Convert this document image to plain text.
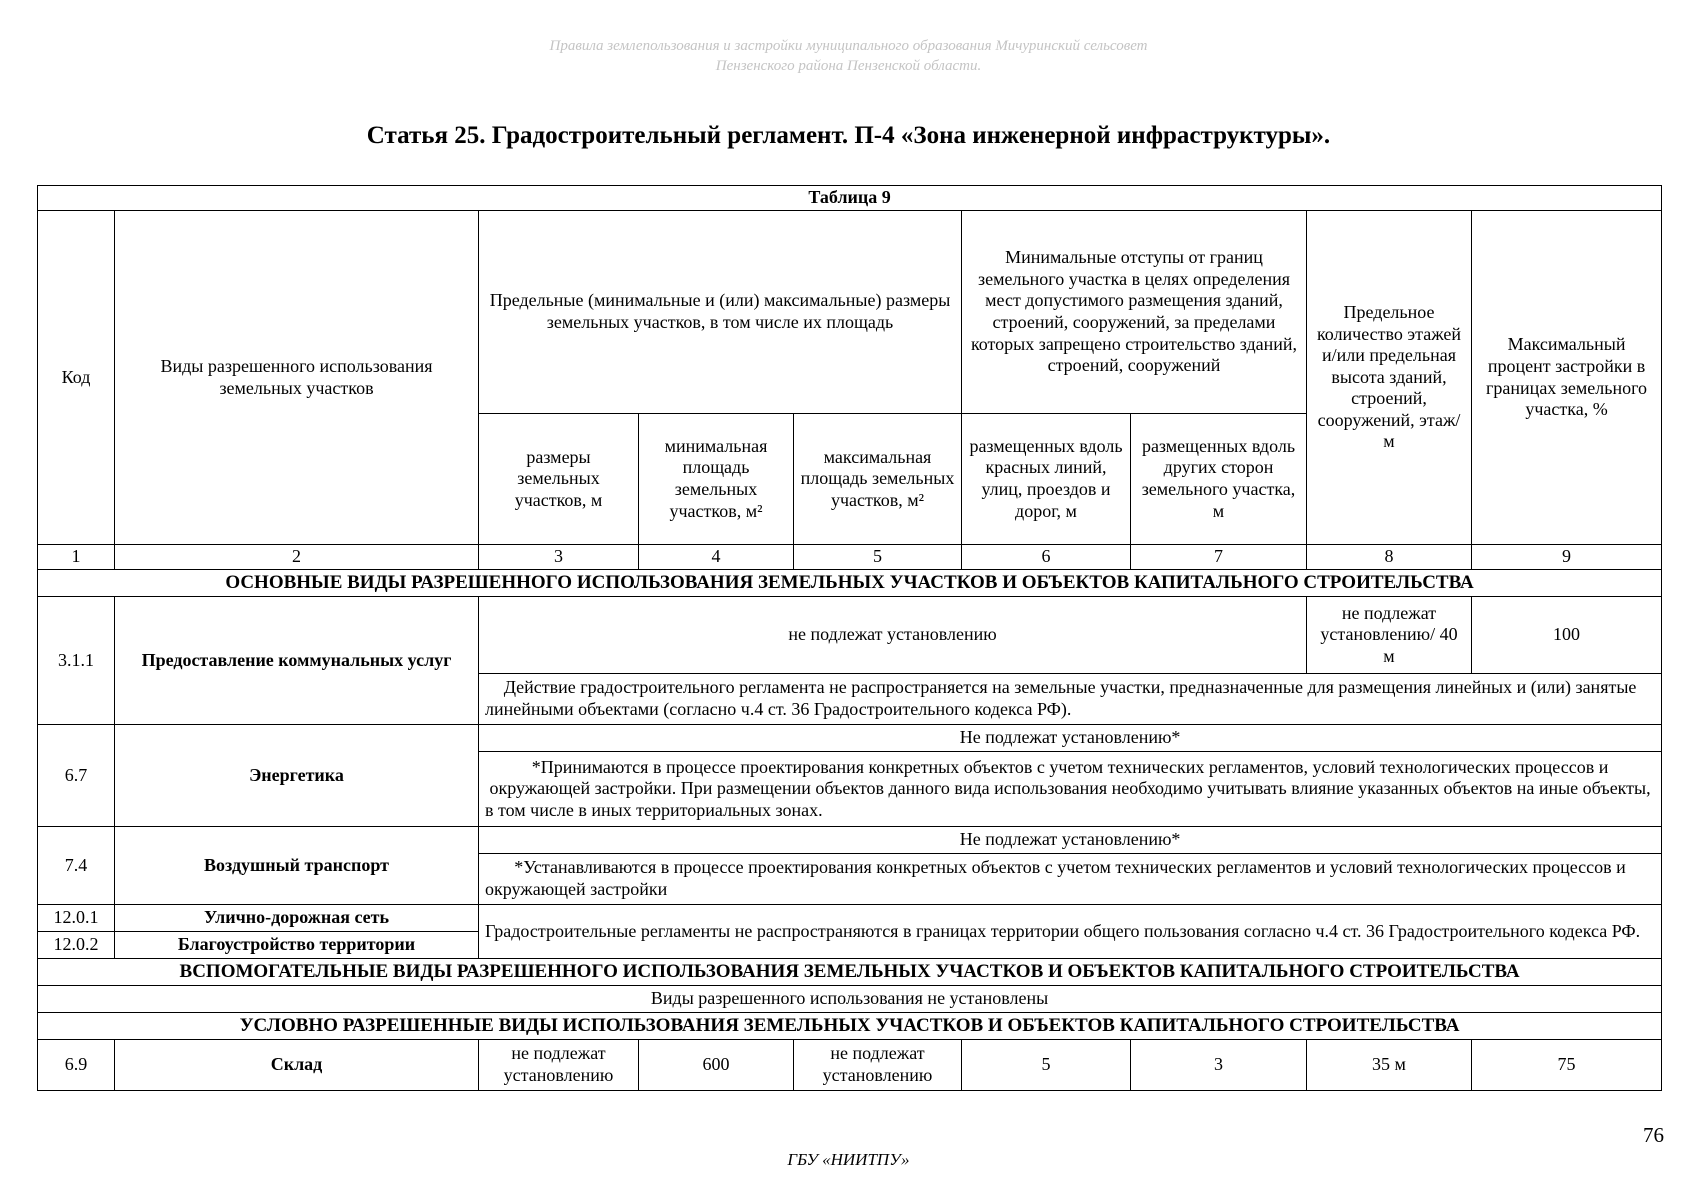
Правила землепользования и застройки муниципального образования Мичуринский сельсовет
Пензенского района Пензенской области.
Статья 25. Градостроительный регламент. П-4 «Зона инженерной инфраструктуры».
Таблица 9								
Код	Виды разрешенного использования земельных участков	Предельные (минимальные и (или) максимальные) размеры земельных участков, в том числе их площадь			Минимальные отступы от границ земельного участка в целях определения мест допустимого размещения зданий, строений, сооружений, за пределами которых запрещено строительство зданий, строений, сооружений		Предельное количество этажей и/или предельная высота зданий, строений, сооружений, этаж/м	Максимальный процент застройки в границах земельного участка, %
		размеры земельных участков, м	минимальная площадь земельных участков, м²	максимальная площадь земельных участков, м²	размещенных вдоль красных линий, улиц, проездов и дорог, м	размещенных вдоль других сторон земельного участка, м		
1	2	3	4	5	6	7	8	9
ОСНОВНЫЕ ВИДЫ РАЗРЕШЕННОГО ИСПОЛЬЗОВАНИЯ ЗЕМЕЛЬНЫХ УЧАСТКОВ И ОБЪЕКТОВ КАПИТАЛЬНОГО СТРОИТЕЛЬСТВА								
3.1.1	Предоставление коммунальных услуг	не подлежат установлению					не подлежат установлению/ 40 м	100
		Действие градостроительного регламента не распространяется на земельные участки, предназначенные для размещения линейных и (или) занятые линейными объектами (согласно ч.4 ст. 36 Градостроительного кодекса РФ).						
6.7	Энергетика	Не подлежат установлению*						
		*Принимаются в процессе проектирования конкретных объектов с учетом технических регламентов, условий технологических процессов и окружающей застройки. При размещении объектов данного вида использования необходимо учитывать влияние указанных объектов на иные объекты, в том числе в иных территориальных зонах.						
7.4	Воздушный транспорт	Не подлежат установлению*						
		*Устанавливаются в процессе проектирования конкретных объектов с учетом технических регламентов и условий технологических процессов и окружающей застройки						
12.0.1	Улично-дорожная сеть	Градостроительные регламенты не распространяются в границах территории общего пользования согласно ч.4 ст. 36 Градостроительного кодекса РФ.						
12.0.2	Благоустройство территории							
ВСПОМОГАТЕЛЬНЫЕ ВИДЫ РАЗРЕШЕННОГО ИСПОЛЬЗОВАНИЯ ЗЕМЕЛЬНЫХ УЧАСТКОВ И ОБЪЕКТОВ КАПИТАЛЬНОГО СТРОИТЕЛЬСТВА								
Виды разрешенного использования не установлены								
УСЛОВНО РАЗРЕШЕННЫЕ ВИДЫ ИСПОЛЬЗОВАНИЯ ЗЕМЕЛЬНЫХ УЧАСТКОВ И ОБЪЕКТОВ КАПИТАЛЬНОГО СТРОИТЕЛЬСТВА								
6.9	Склад	не подлежат установлению	600	не подлежат установлению	5	3	35 м	75
76
ГБУ «НИИТПУ»
